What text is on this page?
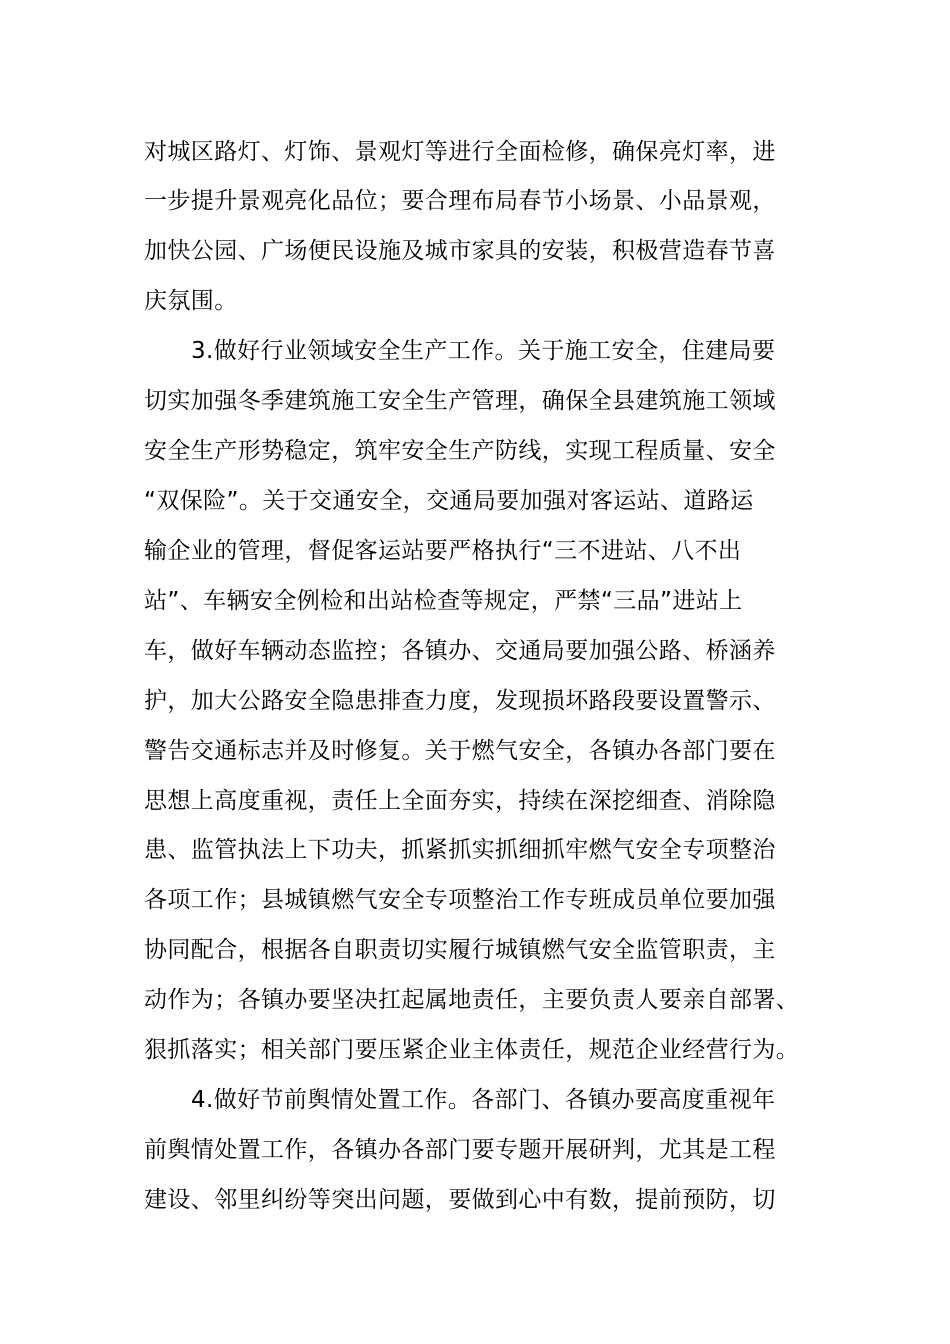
对城区路灯、灯饰、景观灯等进行全面检修，确保亮灯率，进
一步提升景观亮化品位；要合理布局春节小场景、小品景观，
加快公园、广场便民设施及城市家具的安装，积极营造春节喜
庆氛围。
3.做好行业领域安全生产工作。关于施工安全，住建局要
切实加强冬季建筑施工安全生产管理，确保全县建筑施工领域
安全生产形势稳定，筑牢安全生产防线，实现工程质量、安全
“双保险”。关于交通安全，交通局要加强对客运站、道路运
输企业的管理，督促客运站要严格执行“三不进站、八不出
站”、车辆安全例检和出站检查等规定，严禁“三品”进站上
车，做好车辆动态监控；各镇办、交通局要加强公路、桥涵养
护，加大公路安全隐患排查力度，发现损坏路段要设置警示、
警告交通标志并及时修复。关于燃气安全，各镇办各部门要在
思想上高度重视，责任上全面夯实，持续在深挖细查、消除隐
患、监管执法上下功夫，抓紧抓实抓细抓牢燃气安全专项整治
各项工作；县城镇燃气安全专项整治工作专班成员单位要加强
协同配合，根据各自职责切实履行城镇燃气安全监管职责，主
动作为；各镇办要坚决扛起属地责任，主要负责人要亲自部署、
狠抓落实；相关部门要压紧企业主体责任，规范企业经营行为。
4.做好节前舆情处置工作。各部门、各镇办要高度重视年
前舆情处置工作，各镇办各部门要专题开展研判，尤其是工程
建设、邻里纠纷等突出问题，要做到心中有数，提前预防，切
